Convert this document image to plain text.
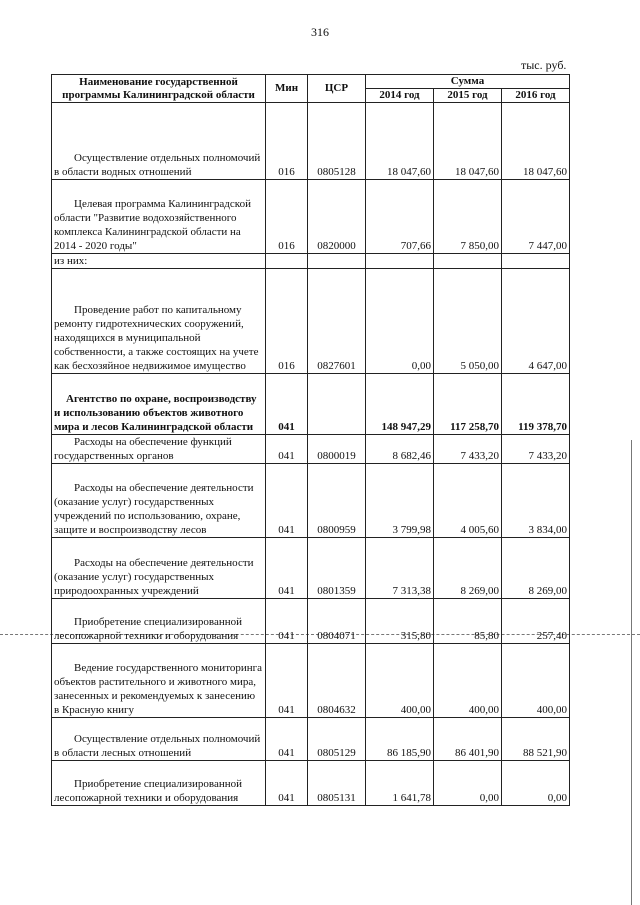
316
тыс. руб.
Наименование государственной программы Калининградской области	Мин	ЦСР	Сумма		
			2014 год	2015 год	2016 год
Осуществление отдельных полномочий в области водных отношений	016	0805128	18 047,60	18 047,60	18 047,60
Целевая программа Калининградской области "Развитие водохозяйственного комплекса Калининградской области на 2014 - 2020 годы"	016	0820000	707,66	7 850,00	7 447,00
из них:					
Проведение работ по капитальному ремонту гидротехнических сооружений, находящихся в муниципальной собственности, а также состоящих на учете как бесхозяйное недвижимое имущество	016	0827601	0,00	5 050,00	4 647,00
Агентство по охране, воспроизводству и использованию объектов животного мира и лесов Калининградской области	041		148 947,29	117 258,70	119 378,70
Расходы на обеспечение функций государственных органов	041	0800019	8 682,46	7 433,20	7 433,20
Расходы на обеспечение деятельности (оказание услуг) государственных учреждений по использованию, охране, защите и воспроизводству лесов	041	0800959	3 799,98	4 005,60	3 834,00
Расходы на обеспечение деятельности (оказание услуг) государственных природоохранных учреждений	041	0801359	7 313,38	8 269,00	8 269,00
Приобретение специализированной лесопожарной техники и оборудования	041	0804071	315,80	85,80	257,40
Ведение государственного мониторинга объектов растительного и животного мира, занесенных и рекомендуемых к занесению в Красную книгу	041	0804632	400,00	400,00	400,00
Осуществление отдельных полномочий в области лесных отношений	041	0805129	86 185,90	86 401,90	88 521,90
Приобретение специализированной лесопожарной техники и оборудования	041	0805131	1 641,78	0,00	0,00
